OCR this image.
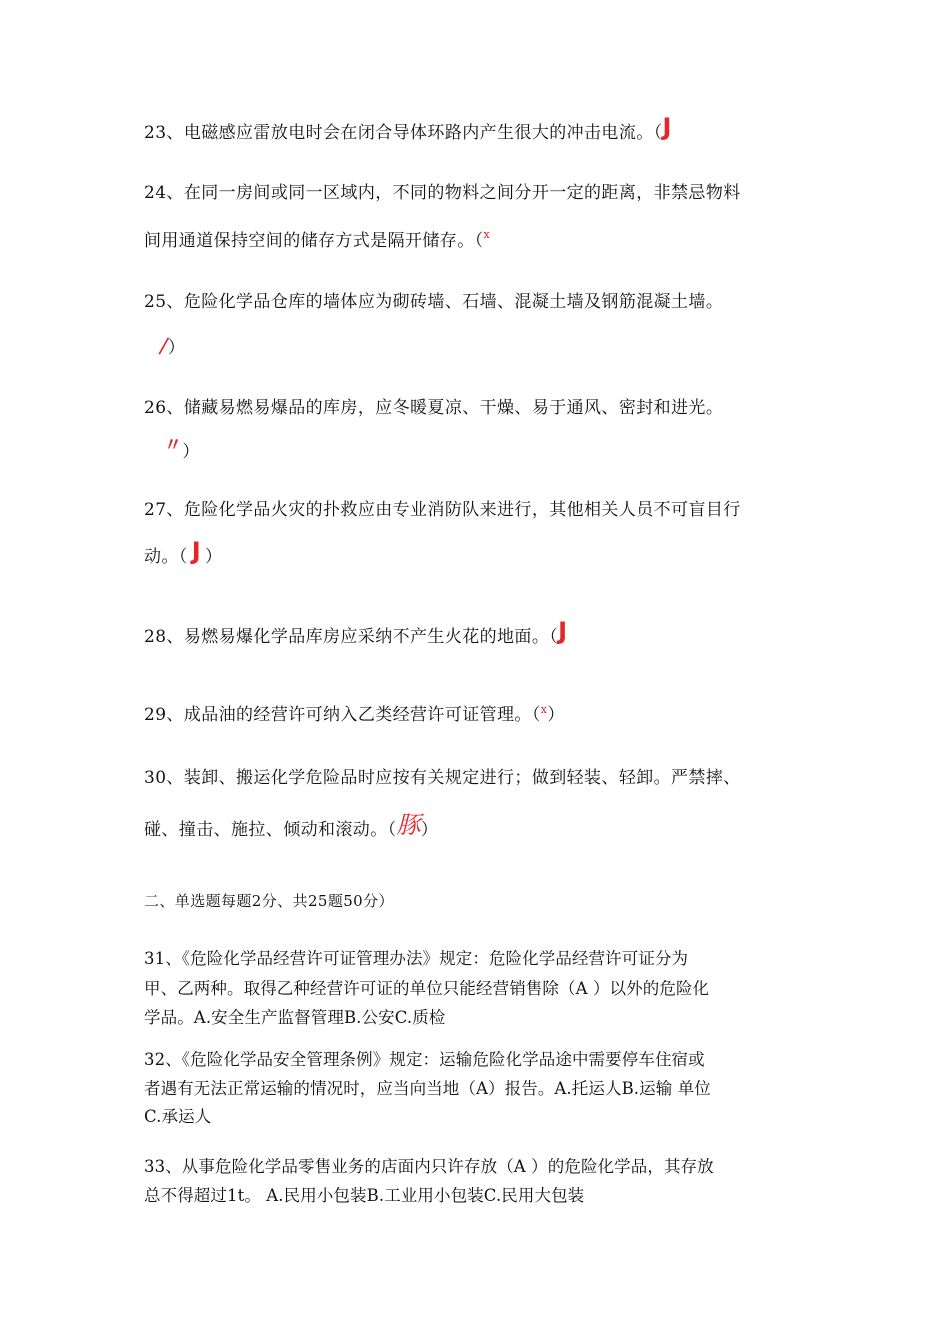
23、电磁感应雷放电时会在闭合导体环路内产生很大的冲击电流。（J
24、在同一房间或同一区域内，不同的物料之间分开一定的距离，非禁忌物料
间用通道保持空间的储存方式是隔开储存。（$^x$
25、危险化学品仓库的墙体应为砌砖墙、石墙、混凝土墙及钢筋混凝土墙。
/）
26、储藏易燃易爆品的库房，应冬暖夏凉、干燥、易于通风、密封和进光。
〃）
27、危险化学品火灾的扑救应由专业消防队来进行，其他相关人员不可盲目行
动。（ J ）
28、易燃易爆化学品库房应采纳不产生火花的地面。（J
29、成品油的经营许可纳入乙类经营许可证管理。（$^x$）
30、装卸、搬运化学危险品时应按有关规定进行；做到轻装、轻卸。严禁摔、
碰、撞击、施拉、倾动和滚动。（豚）
二、单选题每题2分、共25题50分）
31、《危险化学品经营许可证管理办法》规定：危险化学品经营许可证分为
甲、乙两种。取得乙种经营许可证的单位只能经营销售除（A ）以外的危险化
学品。A.安全生产监督管理B.公安C.质检
32、《危险化学品安全管理条例》规定：运输危险化学品途中需要停车住宿或
者遇有无法正常运输的情况时，应当向当地（A）报告。A.托运人B.运输 单位
C.承运人
33、从事危险化学品零售业务的店面内只许存放（A ）的危险化学品，其存放
总不得超过1t。 A.民用小包装B.工业用小包装C.民用大包装
